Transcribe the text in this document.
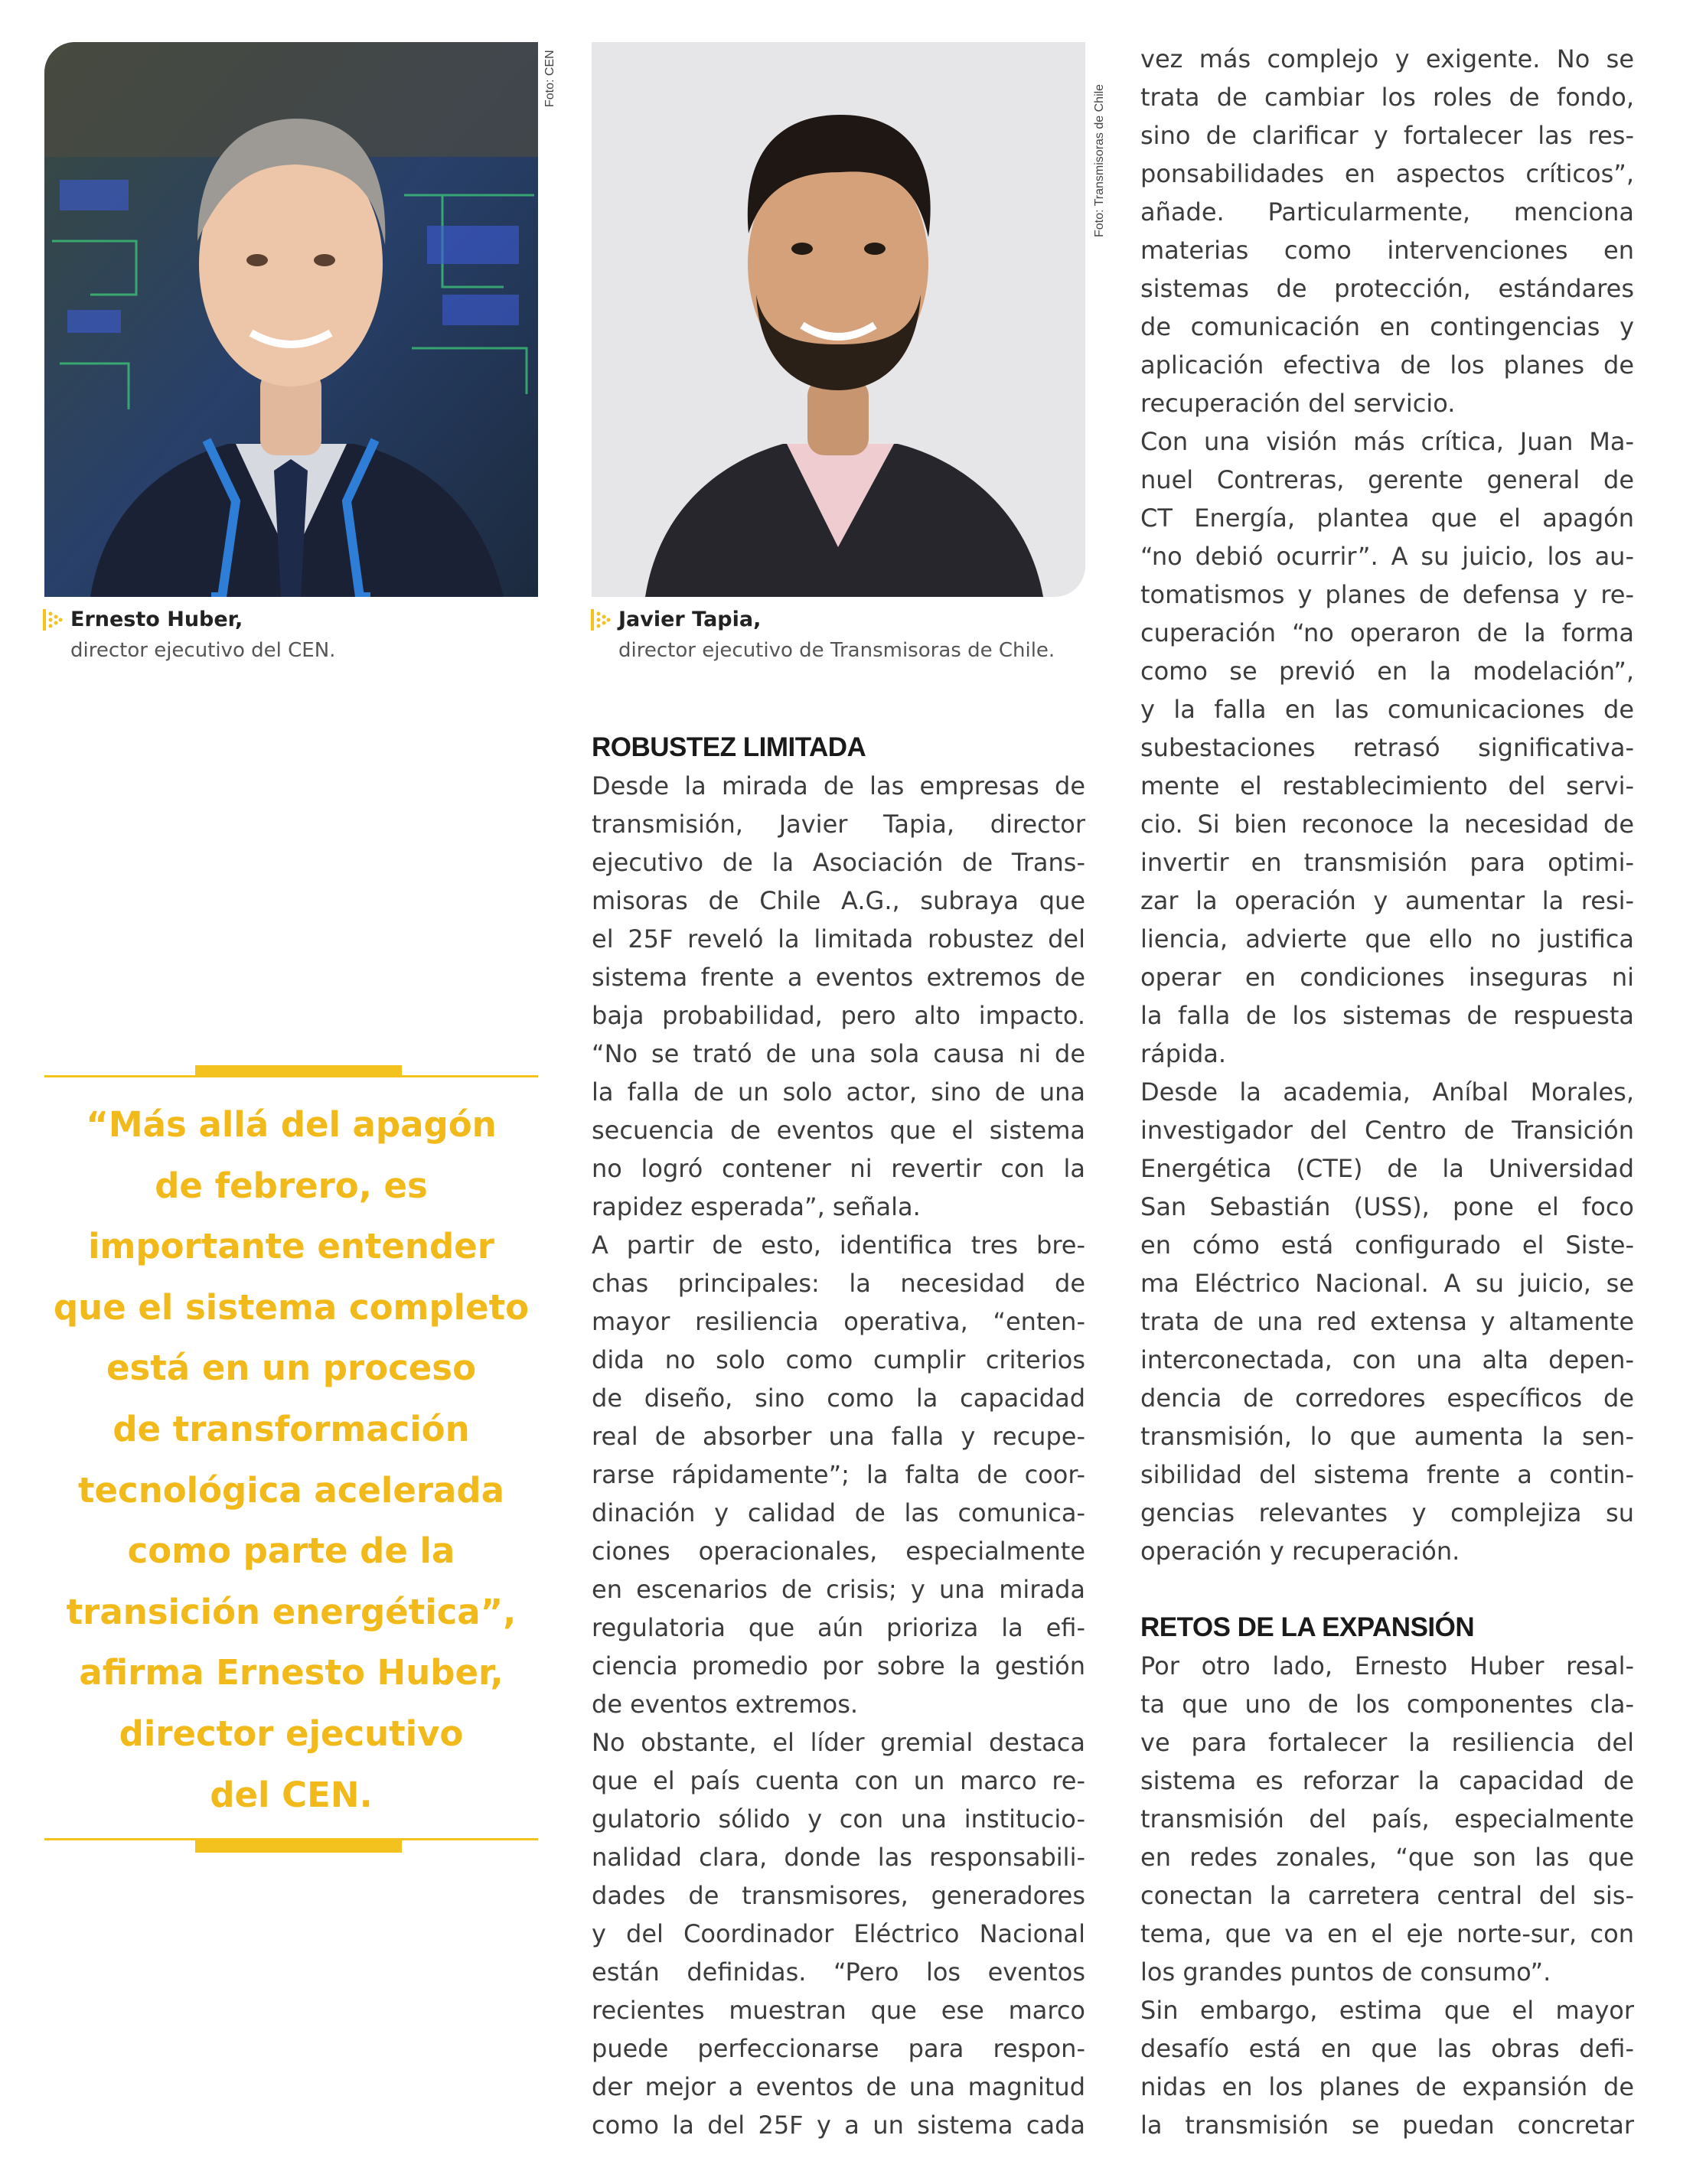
Foto: CEN
Foto: Transmisoras de Chile
Ernesto Huber,
director ejecutivo del CEN.
Javier Tapia,
director ejecutivo de Transmisoras de Chile.
“Más allá del apagón
de febrero, es
importante entender
que el sistema completo
está en un proceso
de transformación
tecnológica acelerada
como parte de la
transición energética”,
afirma Ernesto Huber,
director ejecutivo
del CEN.
ROBUSTEZ LIMITADA
Desde la mirada de las empresas de
transmisión, Javier Tapia, director
ejecutivo de la Asociación de Trans-
misoras de Chile A.G., subraya que
el 25F reveló la limitada robustez del
sistema frente a eventos extremos de
baja probabilidad, pero alto impacto.
“No se trató de una sola causa ni de
la falla de un solo actor, sino de una
secuencia de eventos que el sistema
no logró contener ni revertir con la
rapidez esperada”, señala.
A partir de esto, identifica tres bre-
chas principales: la necesidad de
mayor resiliencia operativa, “enten-
dida no solo como cumplir criterios
de diseño, sino como la capacidad
real de absorber una falla y recupe-
rarse rápidamente”; la falta de coor-
dinación y calidad de las comunica-
ciones operacionales, especialmente
en escenarios de crisis; y una mirada
regulatoria que aún prioriza la efi-
ciencia promedio por sobre la gestión
de eventos extremos.
No obstante, el líder gremial destaca
que el país cuenta con un marco re-
gulatorio sólido y con una institucio-
nalidad clara, donde las responsabili-
dades de transmisores, generadores
y del Coordinador Eléctrico Nacional
están definidas. “Pero los eventos
recientes muestran que ese marco
puede perfeccionarse para respon-
der mejor a eventos de una magnitud
como la del 25F y a un sistema cada
vez más complejo y exigente. No se
trata de cambiar los roles de fondo,
sino de clarificar y fortalecer las res-
ponsabilidades en aspectos críticos”,
añade. Particularmente, menciona
materias como intervenciones en
sistemas de protección, estándares
de comunicación en contingencias y
aplicación efectiva de los planes de
recuperación del servicio.
Con una visión más crítica, Juan Ma-
nuel Contreras, gerente general de
CT Energía, plantea que el apagón
“no debió ocurrir”. A su juicio, los au-
tomatismos y planes de defensa y re-
cuperación “no operaron de la forma
como se previó en la modelación”,
y la falla en las comunicaciones de
subestaciones retrasó significativa-
mente el restablecimiento del servi-
cio. Si bien reconoce la necesidad de
invertir en transmisión para optimi-
zar la operación y aumentar la resi-
liencia, advierte que ello no justifica
operar en condiciones inseguras ni
la falla de los sistemas de respuesta
rápida.
Desde la academia, Aníbal Morales,
investigador del Centro de Transición
Energética (CTE) de la Universidad
San Sebastián (USS), pone el foco
en cómo está configurado el Siste-
ma Eléctrico Nacional. A su juicio, se
trata de una red extensa y altamente
interconectada, con una alta depen-
dencia de corredores específicos de
transmisión, lo que aumenta la sen-
sibilidad del sistema frente a contin-
gencias relevantes y complejiza su
operación y recuperación.
RETOS DE LA EXPANSIÓN
Por otro lado, Ernesto Huber resal-
ta que uno de los componentes cla-
ve para fortalecer la resiliencia del
sistema es reforzar la capacidad de
transmisión del país, especialmente
en redes zonales, “que son las que
conectan la carretera central del sis-
tema, que va en el eje norte-sur, con
los grandes puntos de consumo”.
Sin embargo, estima que el mayor
desafío está en que las obras defi-
nidas en los planes de expansión de
la transmisión se puedan concretar
